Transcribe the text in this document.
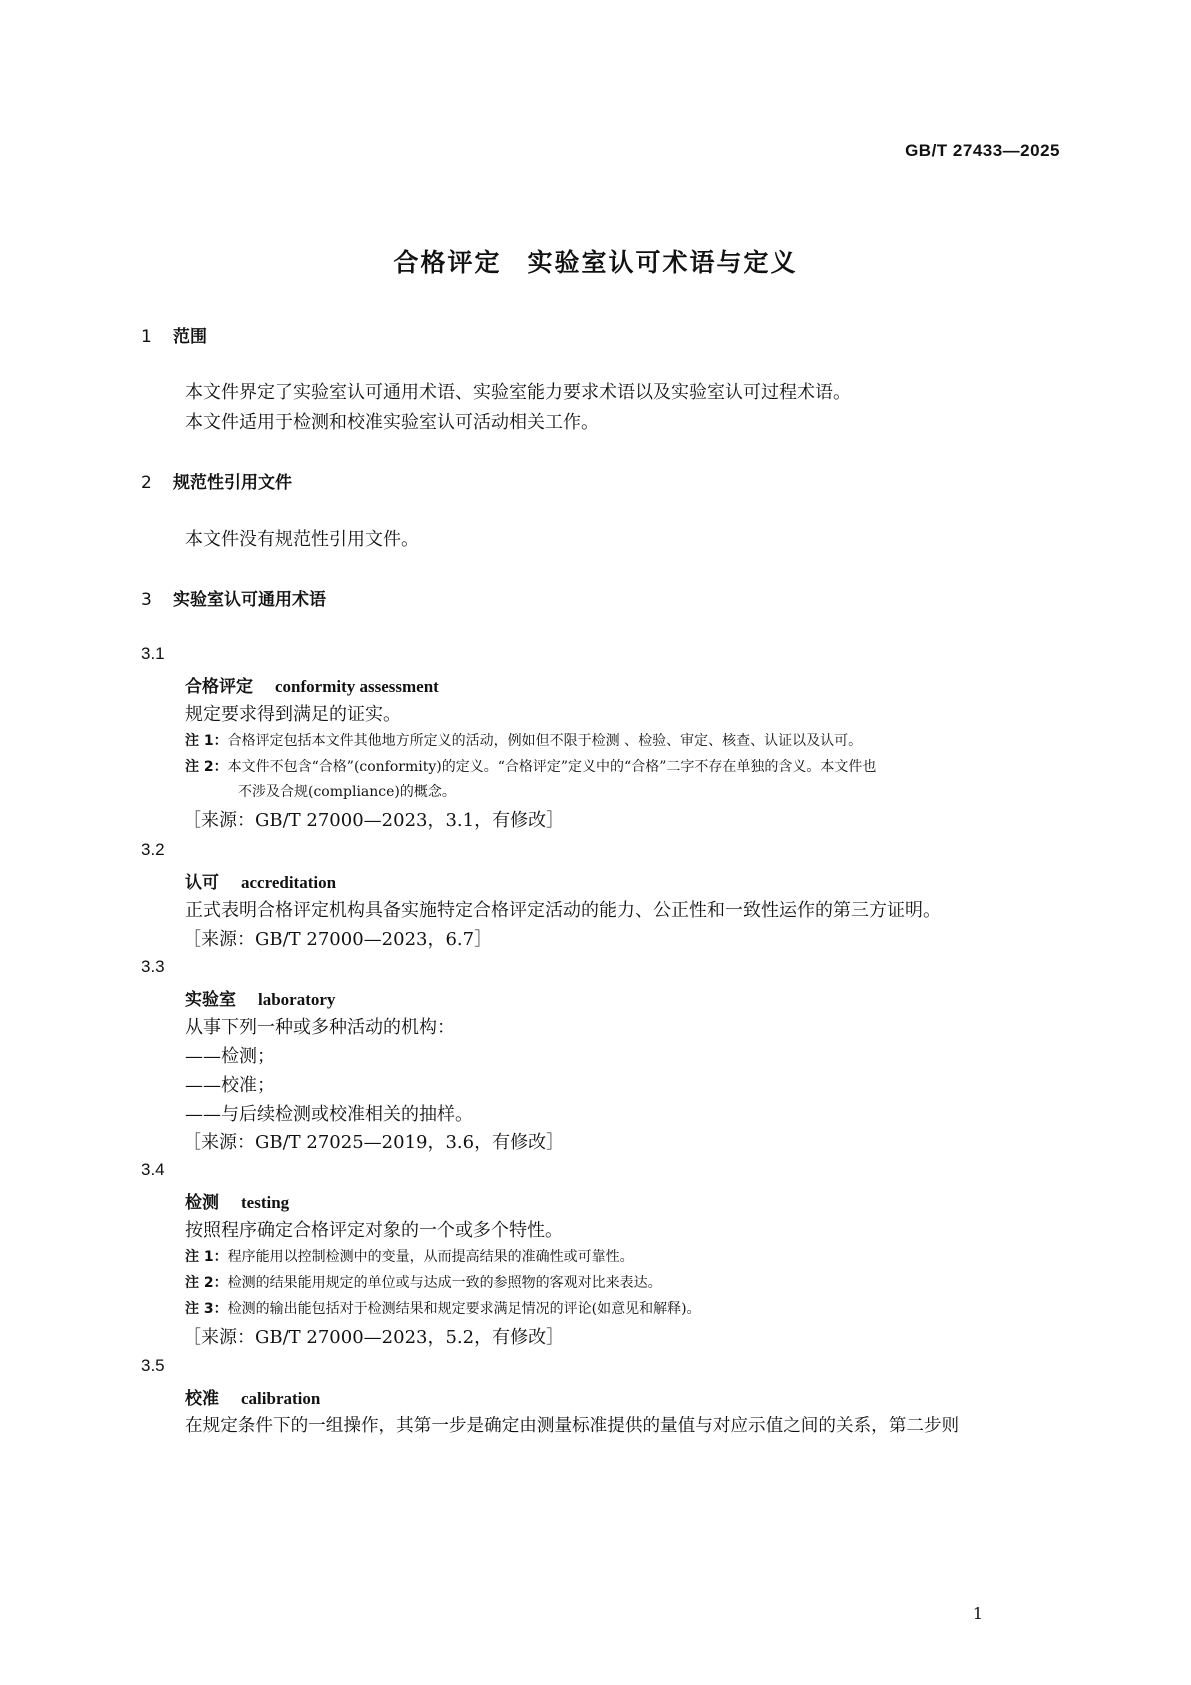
GB/T 27433—2025
合格评定 实验室认可术语与定义
1 范围
本文件界定了实验室认可通用术语、实验室能力要求术语以及实验室认可过程术语。
本文件适用于检测和校准实验室认可活动相关工作。
2 规范性引用文件
本文件没有规范性引用文件。
3 实验室认可通用术语
3.1
合格评定 conformity assessment
规定要求得到满足的证实。
注 1：合格评定包括本文件其他地方所定义的活动，例如但不限于检测 、检验、审定、核查、认证以及认可。
注 2：本文件不包含“合格”(conformity)的定义。“合格评定”定义中的“合格”二字不存在单独的含义。本文件也
不涉及合规(compliance)的概念。
［来源：GB/T 27000—2023，3.1，有修改］
3.2
认可 accreditation
正式表明合格评定机构具备实施特定合格评定活动的能力、公正性和一致性运作的第三方证明。
［来源：GB/T 27000—2023，6.7］
3.3
实验室 laboratory
从事下列一种或多种活动的机构：
——检测；
——校准；
——与后续检测或校准相关的抽样。
［来源：GB/T 27025—2019，3.6，有修改］
3.4
检测 testing
按照程序确定合格评定对象的一个或多个特性。
注 1：程序能用以控制检测中的变量，从而提高结果的准确性或可靠性。
注 2：检测的结果能用规定的单位或与达成一致的参照物的客观对比来表达。
注 3：检测的输出能包括对于检测结果和规定要求满足情况的评论(如意见和解释)。
［来源：GB/T 27000—2023，5.2，有修改］
3.5
校准 calibration
在规定条件下的一组操作，其第一步是确定由测量标准提供的量值与对应示值之间的关系，第二步则
1
